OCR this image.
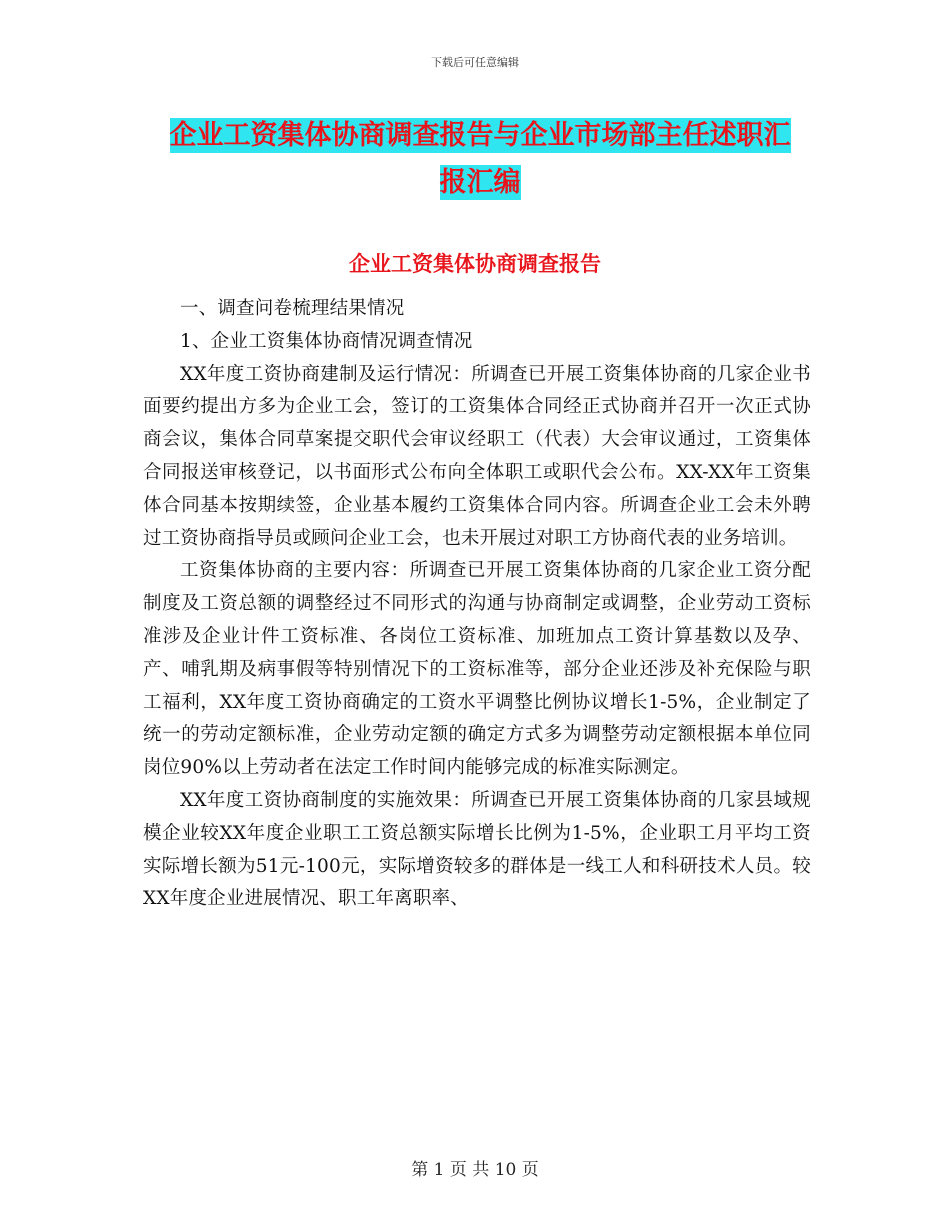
下载后可任意编辑
企业工资集体协商调查报告与企业市场部主任述职汇
报汇编
企业工资集体协商调查报告

一、调查问卷梳理结果情况

1、企业工资集体协商情况调查情况

XX年度工资协商建制及运行情况：所调查已开展工资集体协商的几家企业书面要约提出方多为企业工会，签订的工资集体合同经正式协商并召开一次正式协商会议，集体合同草案提交职代会审议经职工（代表）大会审议通过，工资集体合同报送审核登记，以书面形式公布向全体职工或职代会公布。XX-XX年工资集体合同基本按期续签，企业基本履约工资集体合同内容。所调查企业工会未外聘过工资协商指导员或顾问企业工会，也未开展过对职工方协商代表的业务培训。

工资集体协商的主要内容：所调查已开展工资集体协商的几家企业工资分配制度及工资总额的调整经过不同形式的沟通与协商制定或调整，企业劳动工资标准涉及企业计件工资标准、各岗位工资标准、加班加点工资计算基数以及孕、产、哺乳期及病事假等特别情况下的工资标准等，部分企业还涉及补充保险与职工福利，XX年度工资协商确定的工资水平调整比例协议增长1-5%，企业制定了统一的劳动定额标准，企业劳动定额的确定方式多为调整劳动定额根据本单位同岗位90%以上劳动者在法定工作时间内能够完成的标准实际测定。

XX年度工资协商制度的实施效果：所调查已开展工资集体协商的几家县域规模企业较XX年度企业职工工资总额实际增长比例为1-5%，企业职工月平均工资实际增长额为51元-100元，实际增资较多的群体是一线工人和科研技术人员。较XX年度企业进展情况、职工年离职率、

第 1 页 共 10 页
